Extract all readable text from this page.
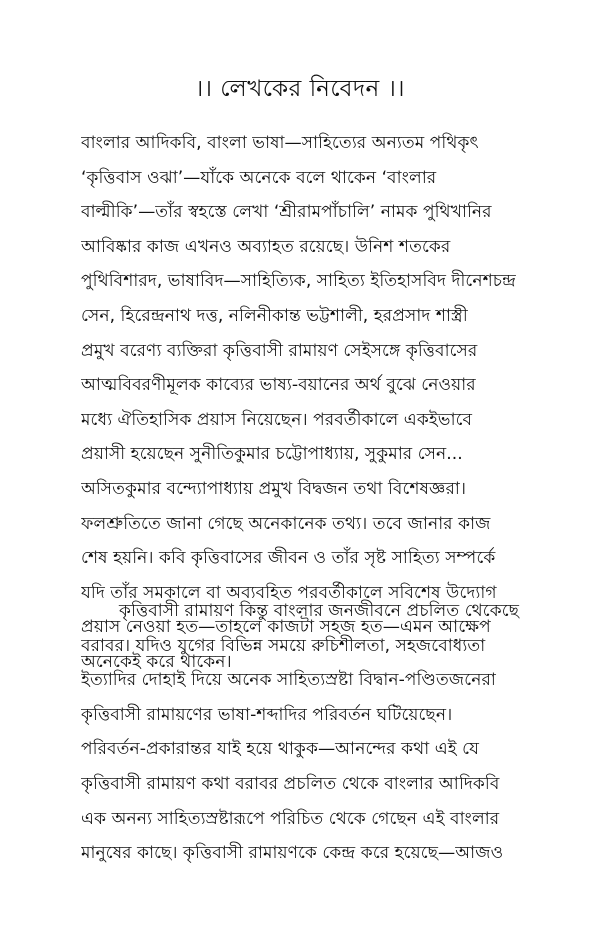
।। লেখকের নিবেদন ।।
বাংলার আদিকবি, বাংলা ভাষা—সাহিত্যের অন্যতম পথিকৃৎ
‘কৃত্তিবাস ওঝা’—যাঁকে অনেকে বলে থাকেন ‘বাংলার
বাল্মীকি’—তাঁর স্বহস্তে লেখা ‘শ্রীরামপাঁচালি’ নামক পুথিখানির
আবিষ্কার কাজ এখনও অব্যাহত রয়েছে। উনিশ শতকের
পুথিবিশারদ, ভাষাবিদ—সাহিত্যিক, সাহিত্য ইতিহাসবিদ দীনেশচন্দ্র
সেন, হিরেন্দ্রনাথ দত্ত, নলিনীকান্ত ভট্টশালী, হরপ্রসাদ শাস্ত্রী
প্রমুখ বরেণ্য ব্যক্তিরা কৃত্তিবাসী রামায়ণ সেইসঙ্গে কৃত্তিবাসের
আত্মবিবরণীমূলক কাব্যের ভাষ্য-বয়ানের অর্থ বুঝে নেওয়ার
মধ্যে ঐতিহাসিক প্রয়াস নিয়েছেন। পরবর্তীকালে একইভাবে
প্রয়াসী হয়েছেন সুনীতিকুমার চট্টোপাধ্যায়, সুকুমার সেন...
অসিতকুমার বন্দ্যোপাধ্যায় প্রমুখ বিদ্বজন তথা বিশেষজ্ঞরা।
ফলশ্রুতিতে জানা গেছে অনেকানেক তথ্য। তবে জানার কাজ
শেষ হয়নি। কবি কৃত্তিবাসের জীবন ও তাঁর সৃষ্ট সাহিত্য সম্পর্কে
যদি তাঁর সমকালে বা অব্যবহিত পরবর্তীকালে সবিশেষ উদ্যোগ
প্রয়াস নেওয়া হত—তাহলে কাজটা সহজ হত—এমন আক্ষেপ
অনেকেই করে থাকেন।
কৃত্তিবাসী রামায়ণ কিন্তু বাংলার জনজীবনে প্রচলিত থেকেছে
বরাবর। যদিও যুগের বিভিন্ন সময়ে রুচিশীলতা, সহজবোধ্যতা
ইত্যাদির দোহাই দিয়ে অনেক সাহিত্যস্রষ্টা বিদ্বান-পণ্ডিতজনেরা
কৃত্তিবাসী রামায়ণের ভাষা-শব্দাদির পরিবর্তন ঘটিয়েছেন।
পরিবর্তন-প্রকারান্তর যাই হয়ে থাকুক—আনন্দের কথা এই যে
কৃত্তিবাসী রামায়ণ কথা বরাবর প্রচলিত থেকে বাংলার আদিকবি
এক অনন্য সাহিত্যস্রষ্টারূপে পরিচিত থেকে গেছেন এই বাংলার
মানুষের কাছে। কৃত্তিবাসী রামায়ণকে কেন্দ্র করে হয়েছে—আজও
